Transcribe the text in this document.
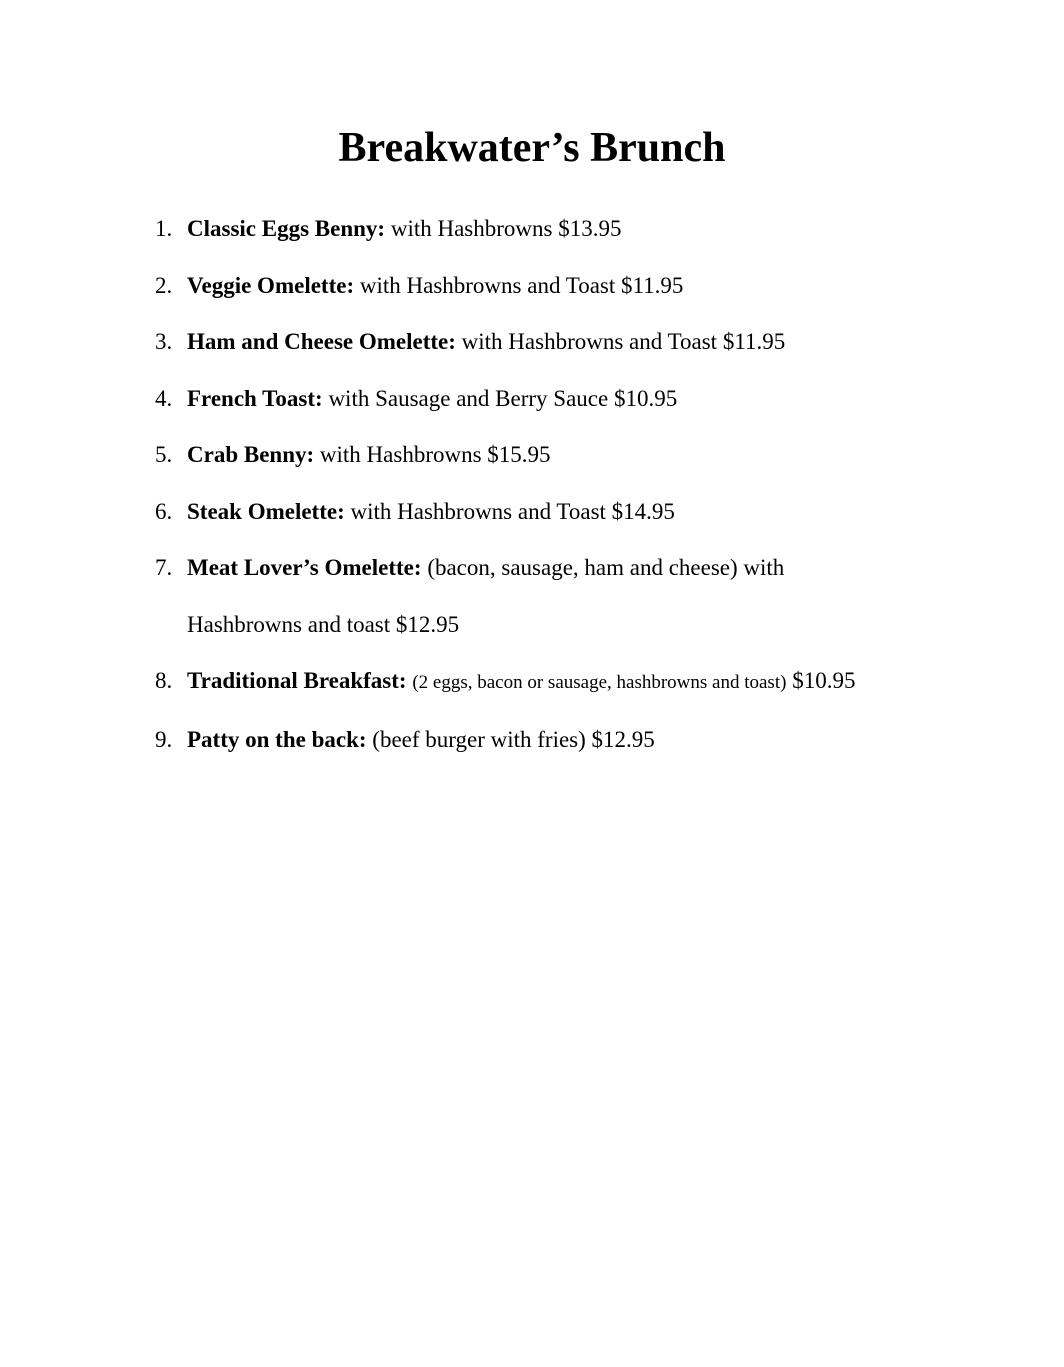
Breakwater’s Brunch
1. Classic Eggs Benny: with Hashbrowns $13.95
2. Veggie Omelette: with Hashbrowns and Toast $11.95
3. Ham and Cheese Omelette: with Hashbrowns and Toast $11.95
4. French Toast: with Sausage and Berry Sauce $10.95
5. Crab Benny: with Hashbrowns $15.95
6. Steak Omelette: with Hashbrowns and Toast $14.95
7. Meat Lover’s Omelette: (bacon, sausage, ham and cheese) with
Hashbrowns and toast $12.95
8. Traditional Breakfast: (2 eggs, bacon or sausage, hashbrowns and toast) $10.95
9. Patty on the back: (beef burger with fries) $12.95
